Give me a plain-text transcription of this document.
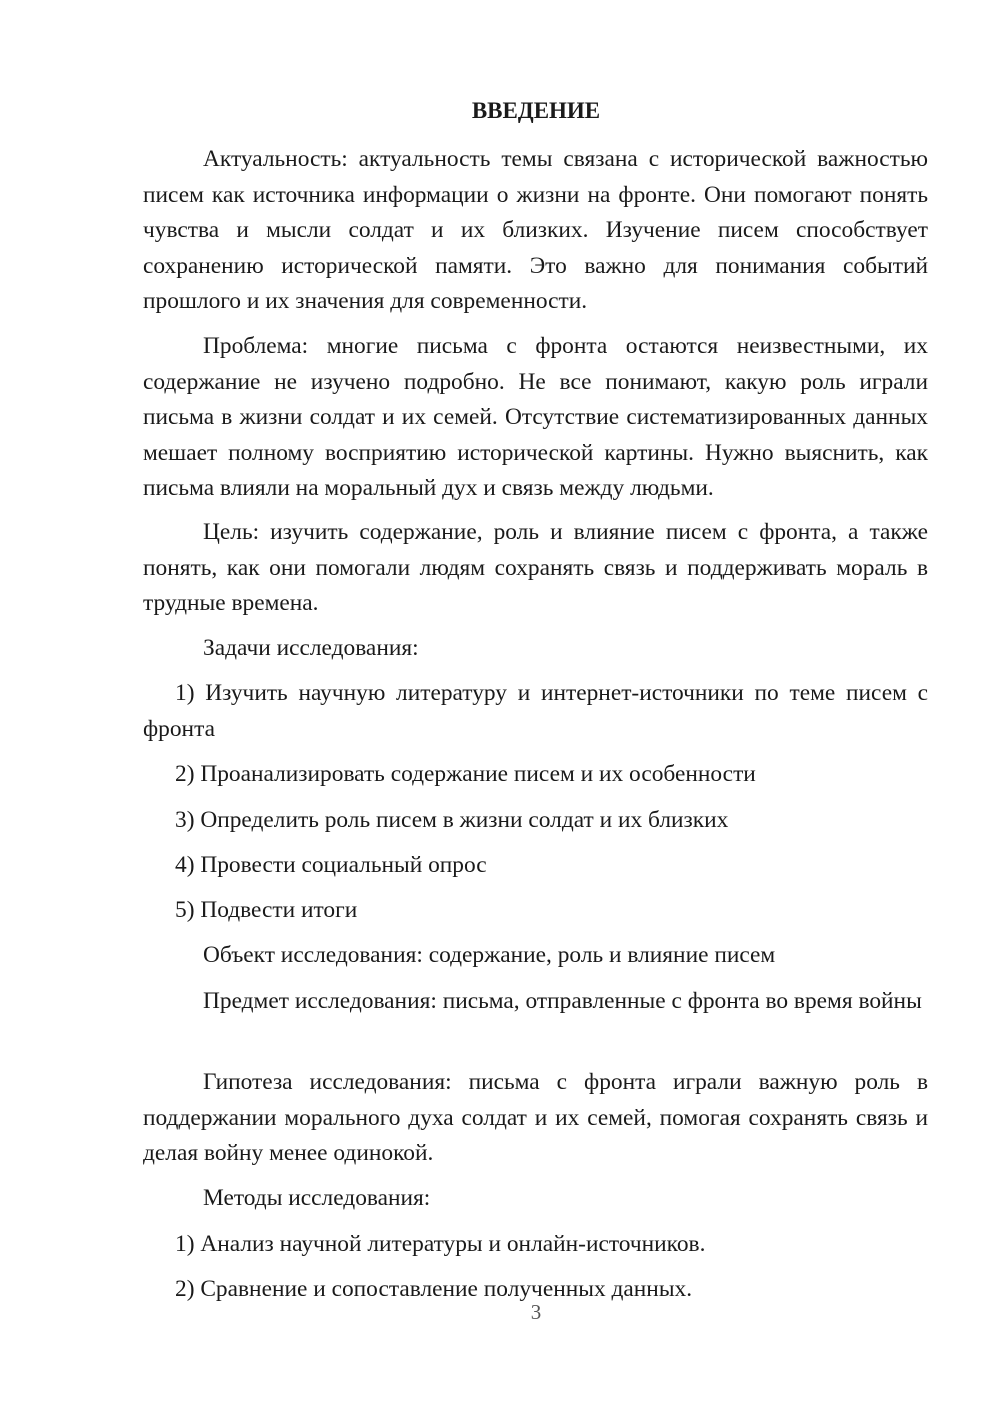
ВВЕДЕНИЕ

Актуальность: актуальность темы связана с исторической важностью писем как источника информации о жизни на фронте. Они помогают понять чувства и мысли солдат и их близких. Изучение писем способствует сохранению исторической памяти. Это важно для понимания событий прошлого и их значения для современности.

Проблема: многие письма с фронта остаются неизвестными, их содержание не изучено подробно. Не все понимают, какую роль играли письма в жизни солдат и их семей. Отсутствие систематизированных данных мешает полному восприятию исторической картины. Нужно выяснить, как письма влияли на моральный дух и связь между людьми.

Цель: изучить содержание, роль и влияние писем с фронта, а также понять, как они помогали людям сохранять связь и поддерживать мораль в трудные времена.

Задачи исследования:

1) Изучить научную литературу и интернет-источники по теме писем с фронта

2) Проанализировать содержание писем и их особенности

3) Определить роль писем в жизни солдат и их близких

4) Провести социальный опрос

5) Подвести итоги

Объект исследования: содержание, роль и влияние писем

Предмет исследования: письма, отправленные с фронта во время войны

Гипотеза исследования: письма с фронта играли важную роль в поддержании морального духа солдат и их семей, помогая сохранять связь и делая войну менее одинокой.

Методы исследования:

1) Анализ научной литературы и онлайн-источников.

2) Сравнение и сопоставление полученных данных.

3
